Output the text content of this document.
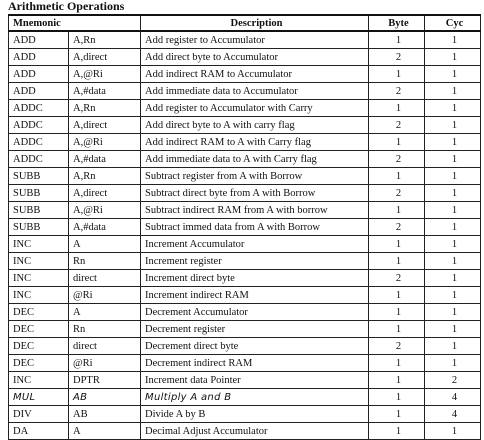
Arithmetic Operations
Mnemonic		Description	Byte	Cyc
ADD	A,Rn	Add register to Accumulator	1	1
ADD	A,direct	Add direct byte to Accumulator	2	1
ADD	A,@Ri	Add indirect RAM to Accumulator	1	1
ADD	A,#data	Add immediate data to Accumulator	2	1
ADDC	A,Rn	Add register to Accumulator with Carry	1	1
ADDC	A,direct	Add direct byte to A with carry flag	2	1
ADDC	A,@Ri	Add indirect RAM to A with Carry flag	1	1
ADDC	A,#data	Add immediate data to A with Carry flag	2	1
SUBB	A,Rn	Subtract register from A with Borrow	1	1
SUBB	A,direct	Subtract direct byte from A with Borrow	2	1
SUBB	A,@Ri	Subtract indirect RAM from A with borrow	1	1
SUBB	A,#data	Subtract immed data from A with Borrow	2	1
INC	A	Increment Accumulator	1	1
INC	Rn	Increment register	1	1
INC	direct	Increment direct byte	2	1
INC	@Ri	Increment indirect RAM	1	1
DEC	A	Decrement Accumulator	1	1
DEC	Rn	Decrement register	1	1
DEC	direct	Decrement direct byte	2	1
DEC	@Ri	Decrement indirect RAM	1	1
INC	DPTR	Increment data Pointer	1	2
MUL	AB	Multiply A and B	1	4
DIV	AB	Divide A by B	1	4
DA	A	Decimal Adjust Accumulator	1	1
